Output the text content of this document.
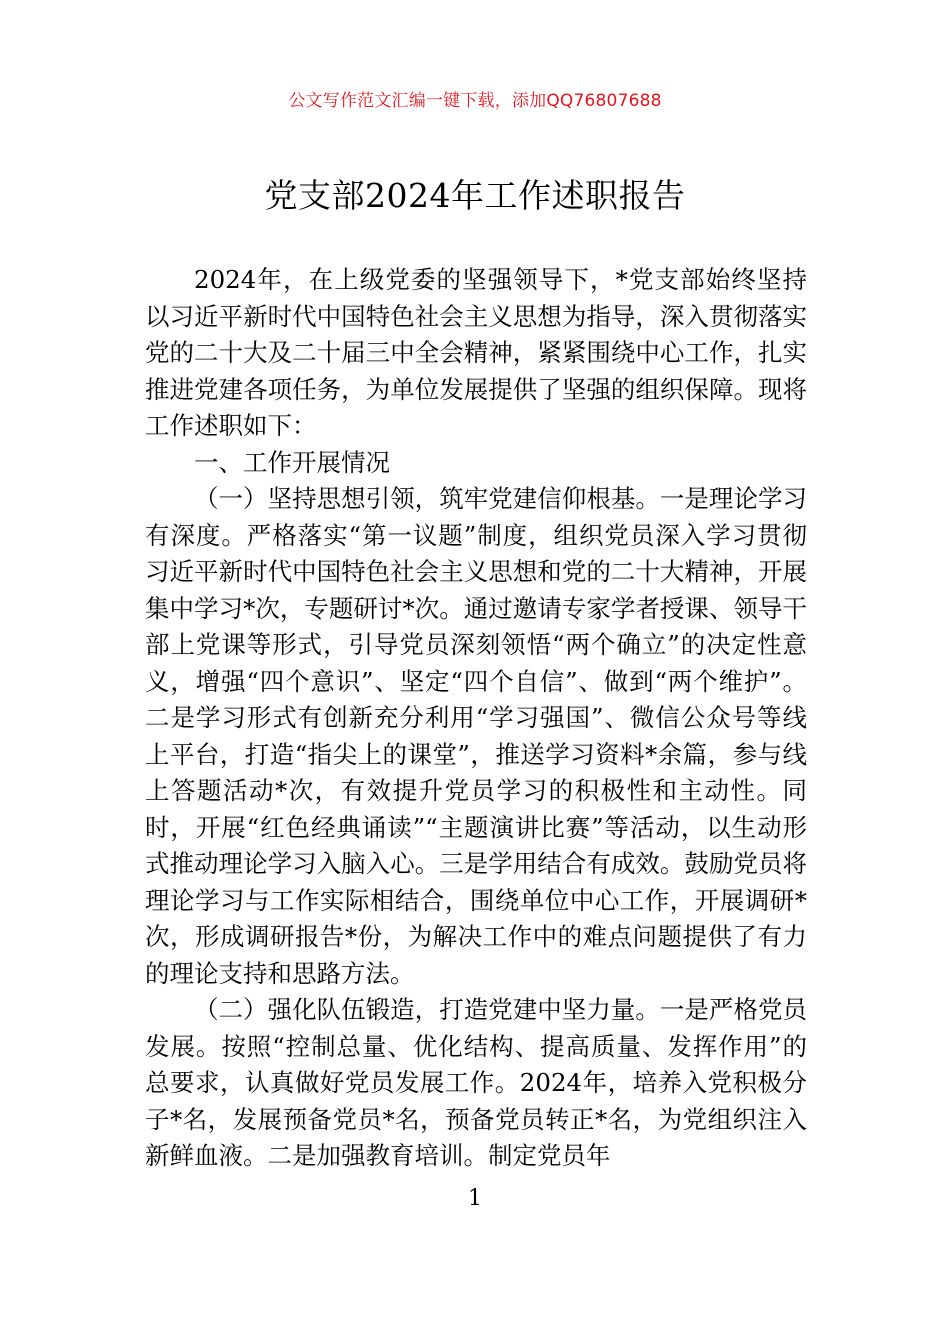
公文写作范文汇编一键下载，添加QQ76807688
党支部2024年工作述职报告

2024年，在上级党委的坚强领导下，*党支部始终坚持以习近平新时代中国特色社会主义思想为指导，深入贯彻落实党的二十大及二十届三中全会精神，紧紧围绕中心工作，扎实推进党建各项任务，为单位发展提供了坚强的组织保障。现将工作述职如下：

一、工作开展情况

（一）坚持思想引领，筑牢党建信仰根基。一是理论学习有深度。严格落实“第一议题”制度，组织党员深入学习贯彻习近平新时代中国特色社会主义思想和党的二十大精神，开展集中学习*次，专题研讨*次。通过邀请专家学者授课、领导干部上党课等形式，引导党员深刻领悟“两个确立”的决定性意义，增强“四个意识”、坚定“四个自信”、做到“两个维护”。二是学习形式有创新充分利用“学习强国”、微信公众号等线上平台，打造“指尖上的课堂”，推送学习资料*余篇，参与线上答题活动*次，有效提升党员学习的积极性和主动性。同时，开展“红色经典诵读”“主题演讲比赛”等活动，以生动形式推动理论学习入脑入心。三是学用结合有成效。鼓励党员将理论学习与工作实际相结合，围绕单位中心工作，开展调研*次，形成调研报告*份，为解决工作中的难点问题提供了有力的理论支持和思路方法。

（二）强化队伍锻造，打造党建中坚力量。一是严格党员发展。按照“控制总量、优化结构、提高质量、发挥作用”的总要求，认真做好党员发展工作。2024年，培养入党积极分子*名，发展预备党员*名，预备党员转正*名，为党组织注入新鲜血液。二是加强教育培训。制定党员年

1
